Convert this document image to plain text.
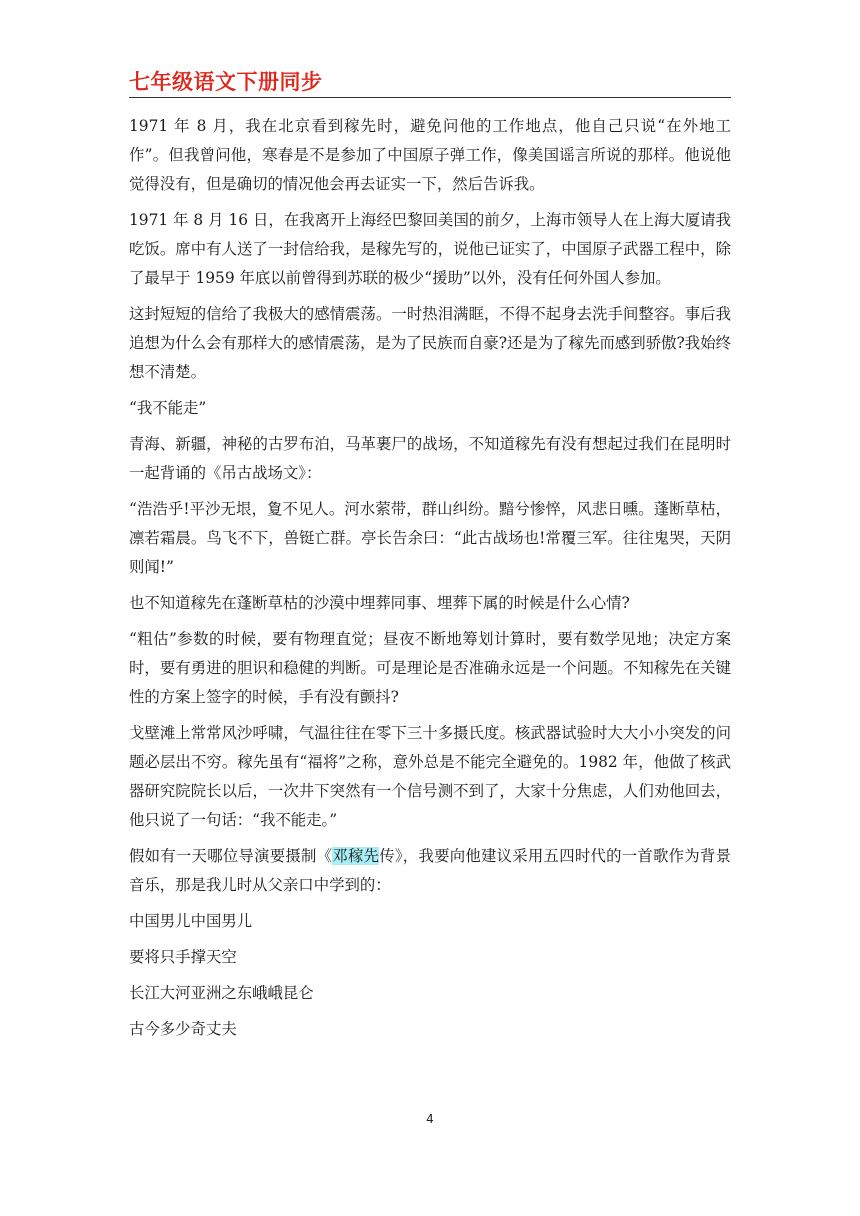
七年级语文下册同步

1971 年 8 月，我在北京看到稼先时，避免问他的工作地点，他自己只说“在外地工作”。但我曾问他，寒春是不是参加了中国原子弹工作，像美国谣言所说的那样。他说他觉得没有，但是确切的情况他会再去证实一下，然后告诉我。

1971 年 8 月 16 日，在我离开上海经巴黎回美国的前夕，上海市领导人在上海大厦请我吃饭。席中有人送了一封信给我，是稼先写的，说他已证实了，中国原子武器工程中，除了最早于 1959 年底以前曾得到苏联的极少“援助”以外，没有任何外国人参加。

这封短短的信给了我极大的感情震荡。一时热泪满眶，不得不起身去洗手间整容。事后我追想为什么会有那样大的感情震荡，是为了民族而自豪?还是为了稼先而感到骄傲?我始终想不清楚。

“我不能走”

青海、新疆，神秘的古罗布泊，马革裹尸的战场，不知道稼先有没有想起过我们在昆明时一起背诵的《吊古战场文》：

“浩浩乎!平沙无垠，夐不见人。河水萦带，群山纠纷。黯兮惨悴，风悲日曛。蓬断草枯，凛若霜晨。鸟飞不下，兽铤亡群。亭长告余曰：“此古战场也!常覆三军。往往鬼哭，天阴则闻!”

也不知道稼先在蓬断草枯的沙漠中埋葬同事、埋葬下属的时候是什么心情?

“粗估”参数的时候，要有物理直觉；昼夜不断地筹划计算时，要有数学见地；决定方案时，要有勇进的胆识和稳健的判断。可是理论是否准确永远是一个问题。不知稼先在关键性的方案上签字的时候，手有没有颤抖?

戈壁滩上常常风沙呼啸，气温往往在零下三十多摄氏度。核武器试验时大大小小突发的问题必层出不穷。稼先虽有“福将”之称，意外总是不能完全避免的。1982 年，他做了核武器研究院院长以后，一次井下突然有一个信号测不到了，大家十分焦虑，人们劝他回去，他只说了一句话：“我不能走。”

假如有一天哪位导演要摄制《邓稼先传》，我要向他建议采用五四时代的一首歌作为背景音乐，那是我儿时从父亲口中学到的：

中国男儿中国男儿

要将只手撑天空

长江大河亚洲之东峨峨昆仑

古今多少奇丈夫

4
